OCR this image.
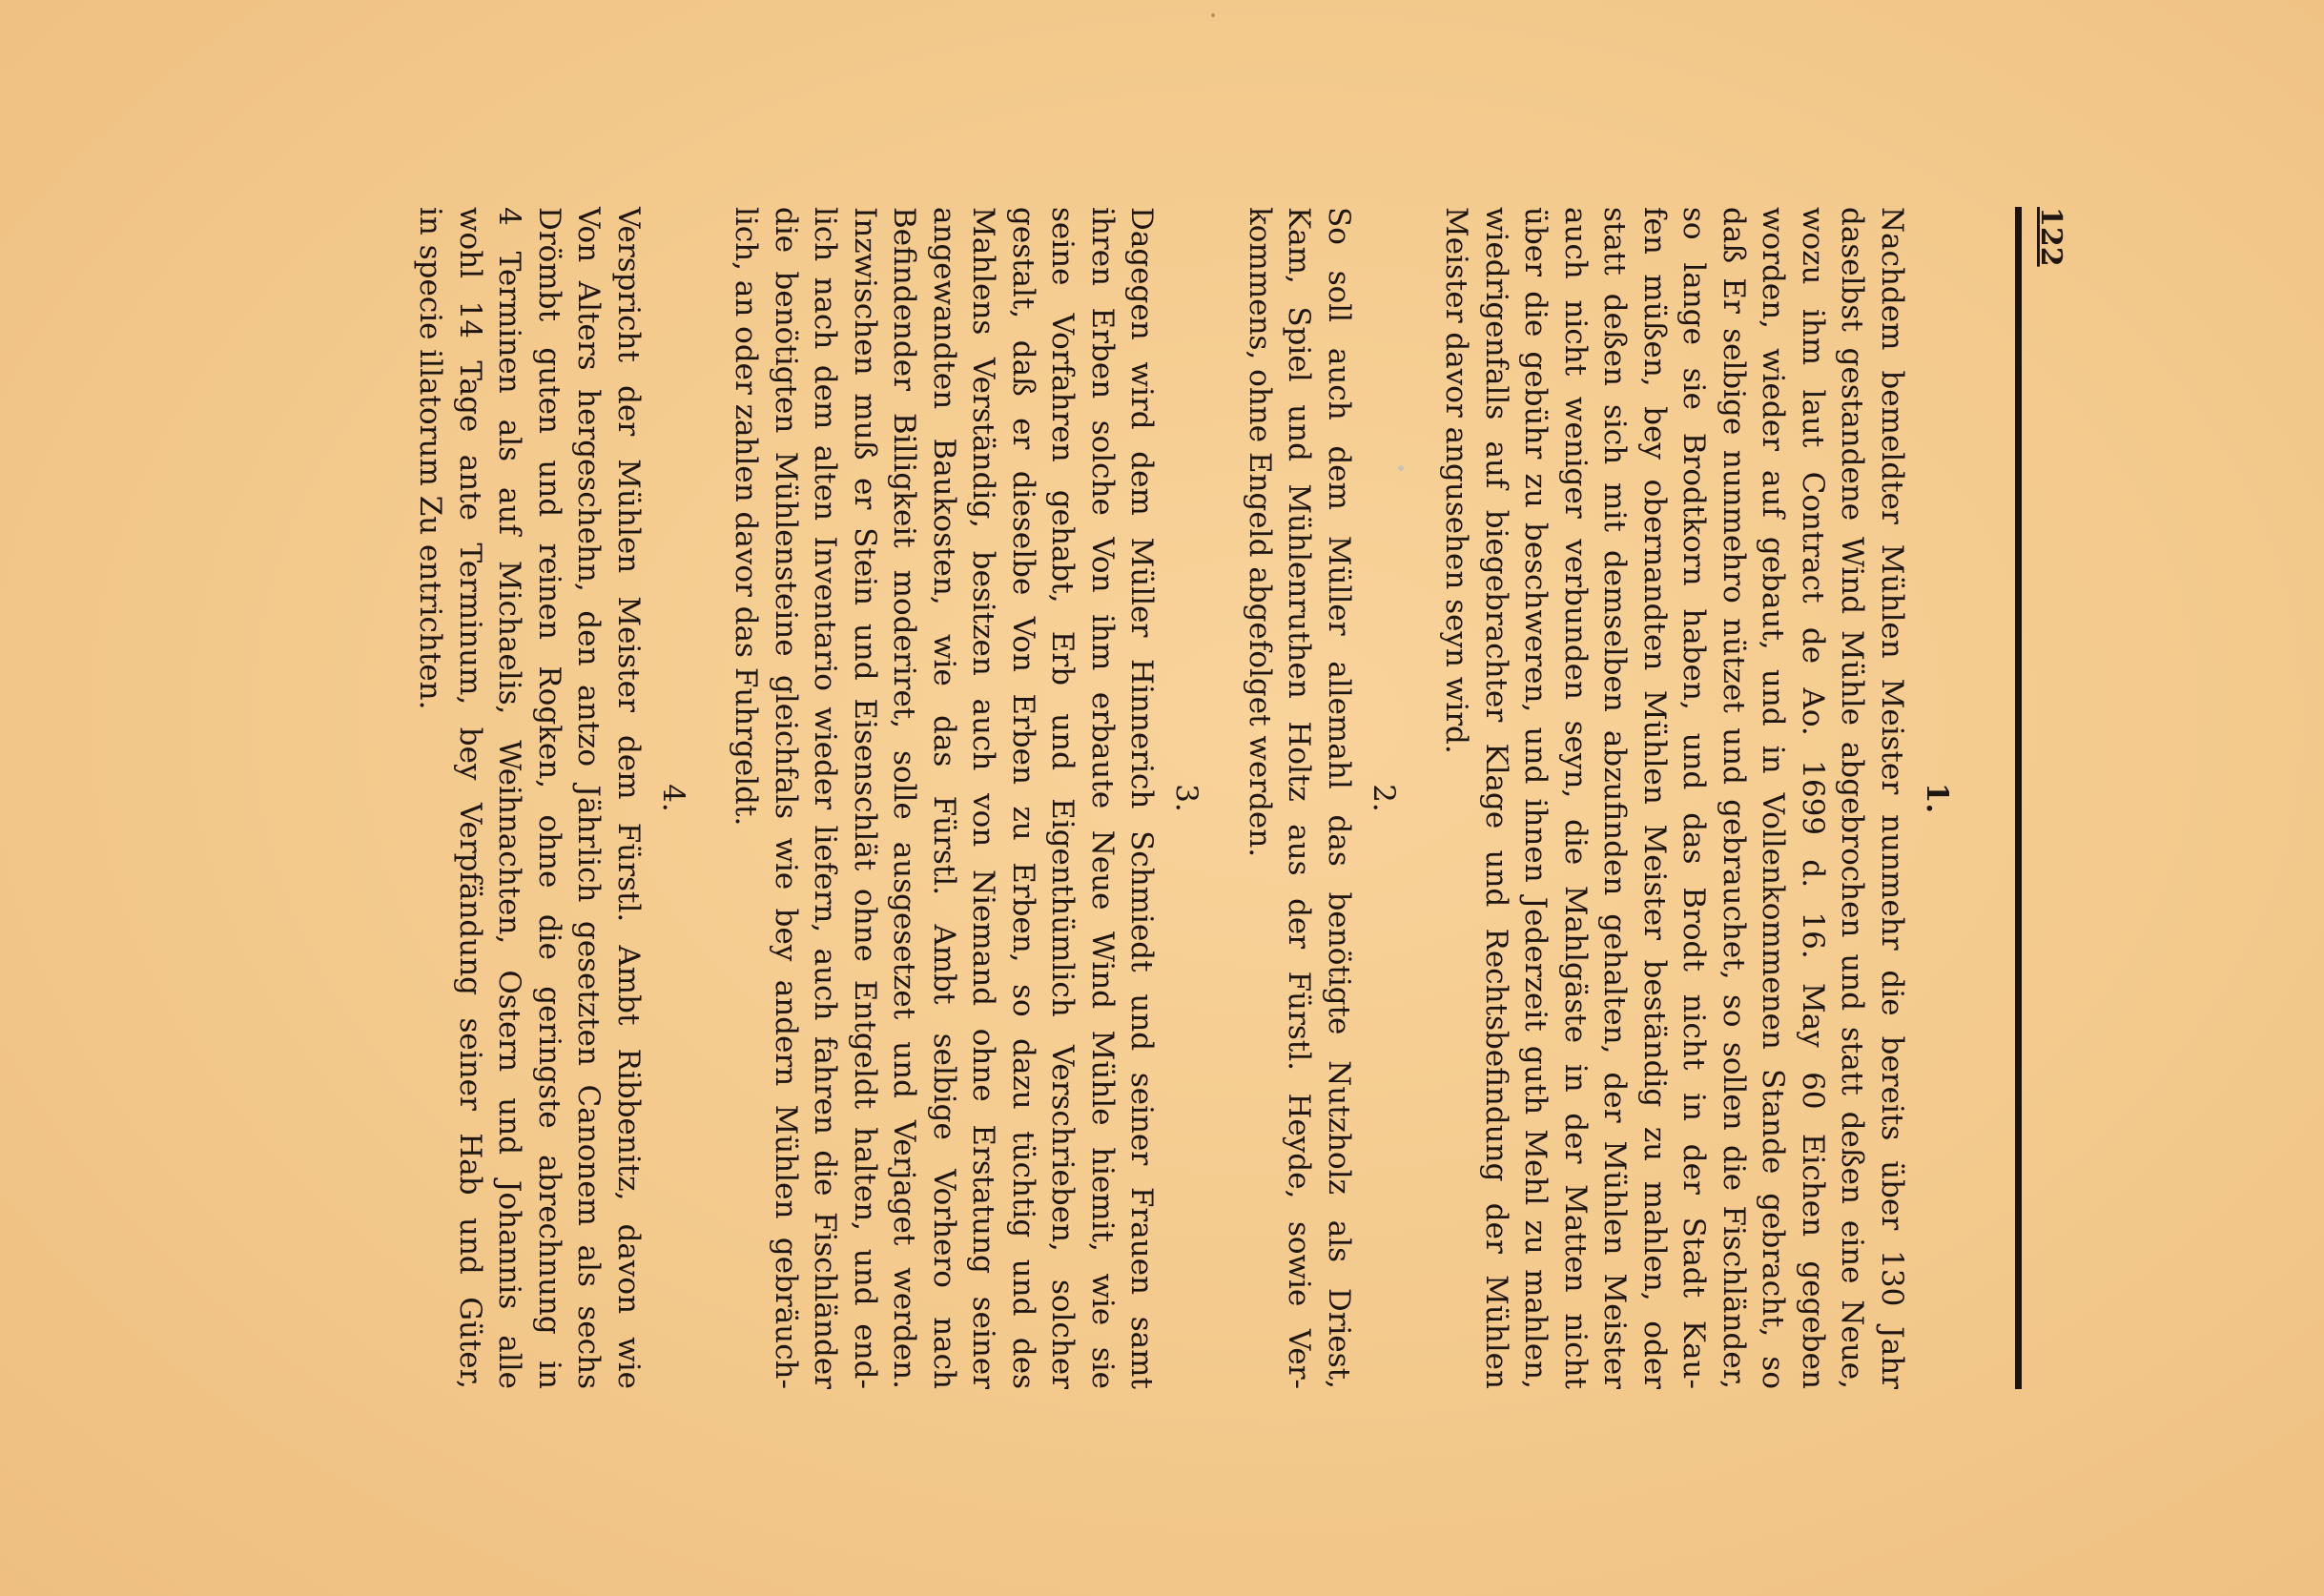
122
1.
Nachdem bemeldter Mühlen Meister nunmehr die bereits über 130 Jahr
daselbst gestandene Wind Mühle abgebrochen und statt deßen eine Neue,
wozu ihm laut Contract de Ao. 1699 d. 16. May 60 Eichen gegeben
worden, wieder auf gebaut, und in Vollenkommenen Stande gebracht, so
daß Er selbige nunmehro nützet und gebrauchet, so sollen die Fischländer,
so lange sie Brodtkorn haben, und das Brodt nicht in der Stadt Kau-
fen müßen, bey obernandten Mühlen Meister beständig zu mahlen, oder
statt deßen sich mit demselben abzufinden gehalten, der Mühlen Meister
auch nicht weniger verbunden seyn, die Mahlgäste in der Matten nicht
über die gebühr zu beschweren, und ihnen Jederzeit guth Mehl zu mahlen,
wiedrigenfalls auf biegebrachter Klage und Rechtsbefindung der Mühlen
Meister davor angusehen seyn wird.
2.
So soll auch dem Müller allemahl das benötigte Nutzholz als Driest,
Kam, Spiel und Mühlenruthen Holtz aus der Fürstl. Heyde, sowie Ver-
kommens, ohne Engeld abgefolget werden.
3.
Dagegen wird dem Müller Hinnerich Schmiedt und seiner Frauen samt
ihren Erben solche Von ihm erbaute Neue Wind Mühle hiemit, wie sie
seine Vorfahren gehabt, Erb und Eigenthümlich Verschrieben, solcher
gestalt, daß er dieselbe Von Erben zu Erben, so dazu tüchtig und des
Mahlens Verständig, besitzen auch von Niemand ohne Erstatung seiner
angewandten Baukosten, wie das Fürstl. Ambt selbige Vorhero nach
Befindender Billigkeit moderiret, solle ausgesetzet und Verjaget werden.
Inzwischen muß er Stein und Eisenschlät ohne Entgeldt halten, und end-
lich nach dem alten Inventario wieder liefern, auch fahren die Fischländer
die benötigten Mühlensteine gleichfals wie bey andern Mühlen gebräuch-
lich, an oder zahlen davor das Fuhrgeldt.
4.
Verspricht der Mühlen Meister dem Fürstl. Ambt Ribbenitz, davon wie
Von Alters hergeschehn, den antzo Jährlich gesetzten Canonem als sechs
Drömbt guten und reinen Rogken, ohne die geringste abrechnung in
4 Terminen als auf Michaelis, Weihnachten, Ostern und Johannis alle
wohl 14 Tage ante Terminum, bey Verpfändung seiner Hab und Güter,
in specie illatorum Zu entrichten.
